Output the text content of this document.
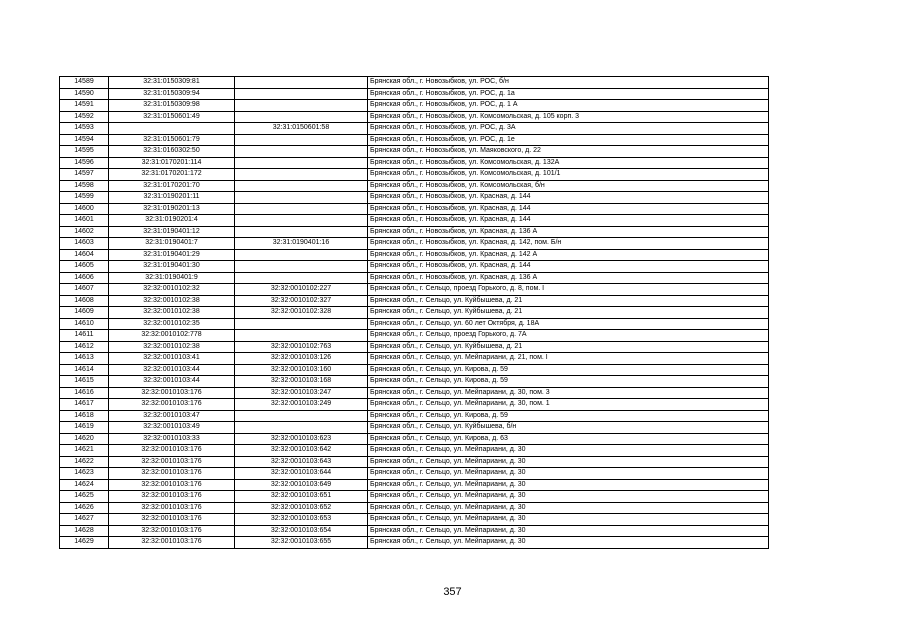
14589	32:31:0150309:81		Брянская обл., г. Новозыбков, ул. РОС, б/н
14590	32:31:0150309:94		Брянская обл., г. Новозыбков, ул. РОС, д. 1а
14591	32:31:0150309:98		Брянская обл., г. Новозыбков, ул. РОС, д. 1 А
14592	32:31:0150601:49		Брянская обл., г. Новозыбков, ул. Комсомольская, д. 105 корп. 3
14593		32:31:0150601:58	Брянская обл., г. Новозыбков, ул. РОС, д. 3А
14594	32:31:0150601:79		Брянская обл., г. Новозыбков, ул. РОС, д. 1е
14595	32:31:0160302:50		Брянская обл., г. Новозыбков, ул. Маяковского, д. 22
14596	32:31:0170201:114		Брянская обл., г. Новозыбков, ул. Комсомольская, д. 132А
14597	32:31:0170201:172		Брянская обл., г. Новозыбков, ул. Комсомольская, д. 101/1
14598	32:31:0170201:70		Брянская обл., г. Новозыбков, ул. Комсомольская, б/н
14599	32:31:0190201:11		Брянская обл., г. Новозыбков, ул. Красная, д. 144
14600	32:31:0190201:13		Брянская обл., г. Новозыбков, ул. Красная, д. 144
14601	32:31:0190201:4		Брянская обл., г. Новозыбков, ул. Красная, д. 144
14602	32:31:0190401:12		Брянская обл., г. Новозыбков, ул. Красная, д. 136 А
14603	32:31:0190401:7	32:31:0190401:16	Брянская обл., г. Новозыбков, ул. Красная, д. 142, пом. Б/н
14604	32:31:0190401:29		Брянская обл., г. Новозыбков, ул. Красная, д. 142 А
14605	32:31:0190401:30		Брянская обл., г. Новозыбков, ул. Красная, д. 144
14606	32:31:0190401:9		Брянская обл., г. Новозыбков, ул. Красная, д. 136 А
14607	32:32:0010102:32	32:32:0010102:227	Брянская обл., г. Сельцо, проезд Горького, д. 8, пом. I
14608	32:32:0010102:38	32:32:0010102:327	Брянская обл., г. Сельцо, ул. Куйбышева, д. 21
14609	32:32:0010102:38	32:32:0010102:328	Брянская обл., г. Сельцо, ул. Куйбышева, д. 21
14610	32:32:0010102:35		Брянская обл., г. Сельцо, ул. 60 лет Октября, д. 18А
14611	32:32:0010102:778		Брянская обл., г. Сельцо, проезд Горького, д. 7А
14612	32:32:0010102:38	32:32:0010102:763	Брянская обл., г. Сельцо, ул. Куйбышева, д. 21
14613	32:32:0010103:41	32:32:0010103:126	Брянская обл., г. Сельцо, ул. Мейпариани, д. 21, пом. I
14614	32:32:0010103:44	32:32:0010103:160	Брянская обл., г. Сельцо, ул. Кирова, д. 59
14615	32:32:0010103:44	32:32:0010103:168	Брянская обл., г. Сельцо, ул. Кирова, д. 59
14616	32:32:0010103:176	32:32:0010103:247	Брянская обл., г. Сельцо, ул. Мейпариани, д. 30, пом. 3
14617	32:32:0010103:176	32:32:0010103:249	Брянская обл., г. Сельцо, ул. Мейпариани, д. 30, пом. 1
14618	32:32:0010103:47		Брянская обл., г. Сельцо, ул. Кирова, д. 59
14619	32:32:0010103:49		Брянская обл., г. Сельцо, ул. Куйбышева, б/н
14620	32:32:0010103:33	32:32:0010103:623	Брянская обл., г. Сельцо, ул. Кирова, д. 63
14621	32:32:0010103:176	32:32:0010103:642	Брянская обл., г. Сельцо, ул. Мейпариани, д. 30
14622	32:32:0010103:176	32:32:0010103:643	Брянская обл., г. Сельцо, ул. Мейпариани, д. 30
14623	32:32:0010103:176	32:32:0010103:644	Брянская обл., г. Сельцо, ул. Мейпариани, д. 30
14624	32:32:0010103:176	32:32:0010103:649	Брянская обл., г. Сельцо, ул. Мейпариани, д. 30
14625	32:32:0010103:176	32:32:0010103:651	Брянская обл., г. Сельцо, ул. Мейпариани, д. 30
14626	32:32:0010103:176	32:32:0010103:652	Брянская обл., г. Сельцо, ул. Мейпариани, д. 30
14627	32:32:0010103:176	32:32:0010103:653	Брянская обл., г. Сельцо, ул. Мейпариани, д. 30
14628	32:32:0010103:176	32:32:0010103:654	Брянская обл., г. Сельцо, ул. Мейпариани, д. 30
14629	32:32:0010103:176	32:32:0010103:655	Брянская обл., г. Сельцо, ул. Мейпариани, д. 30
357
